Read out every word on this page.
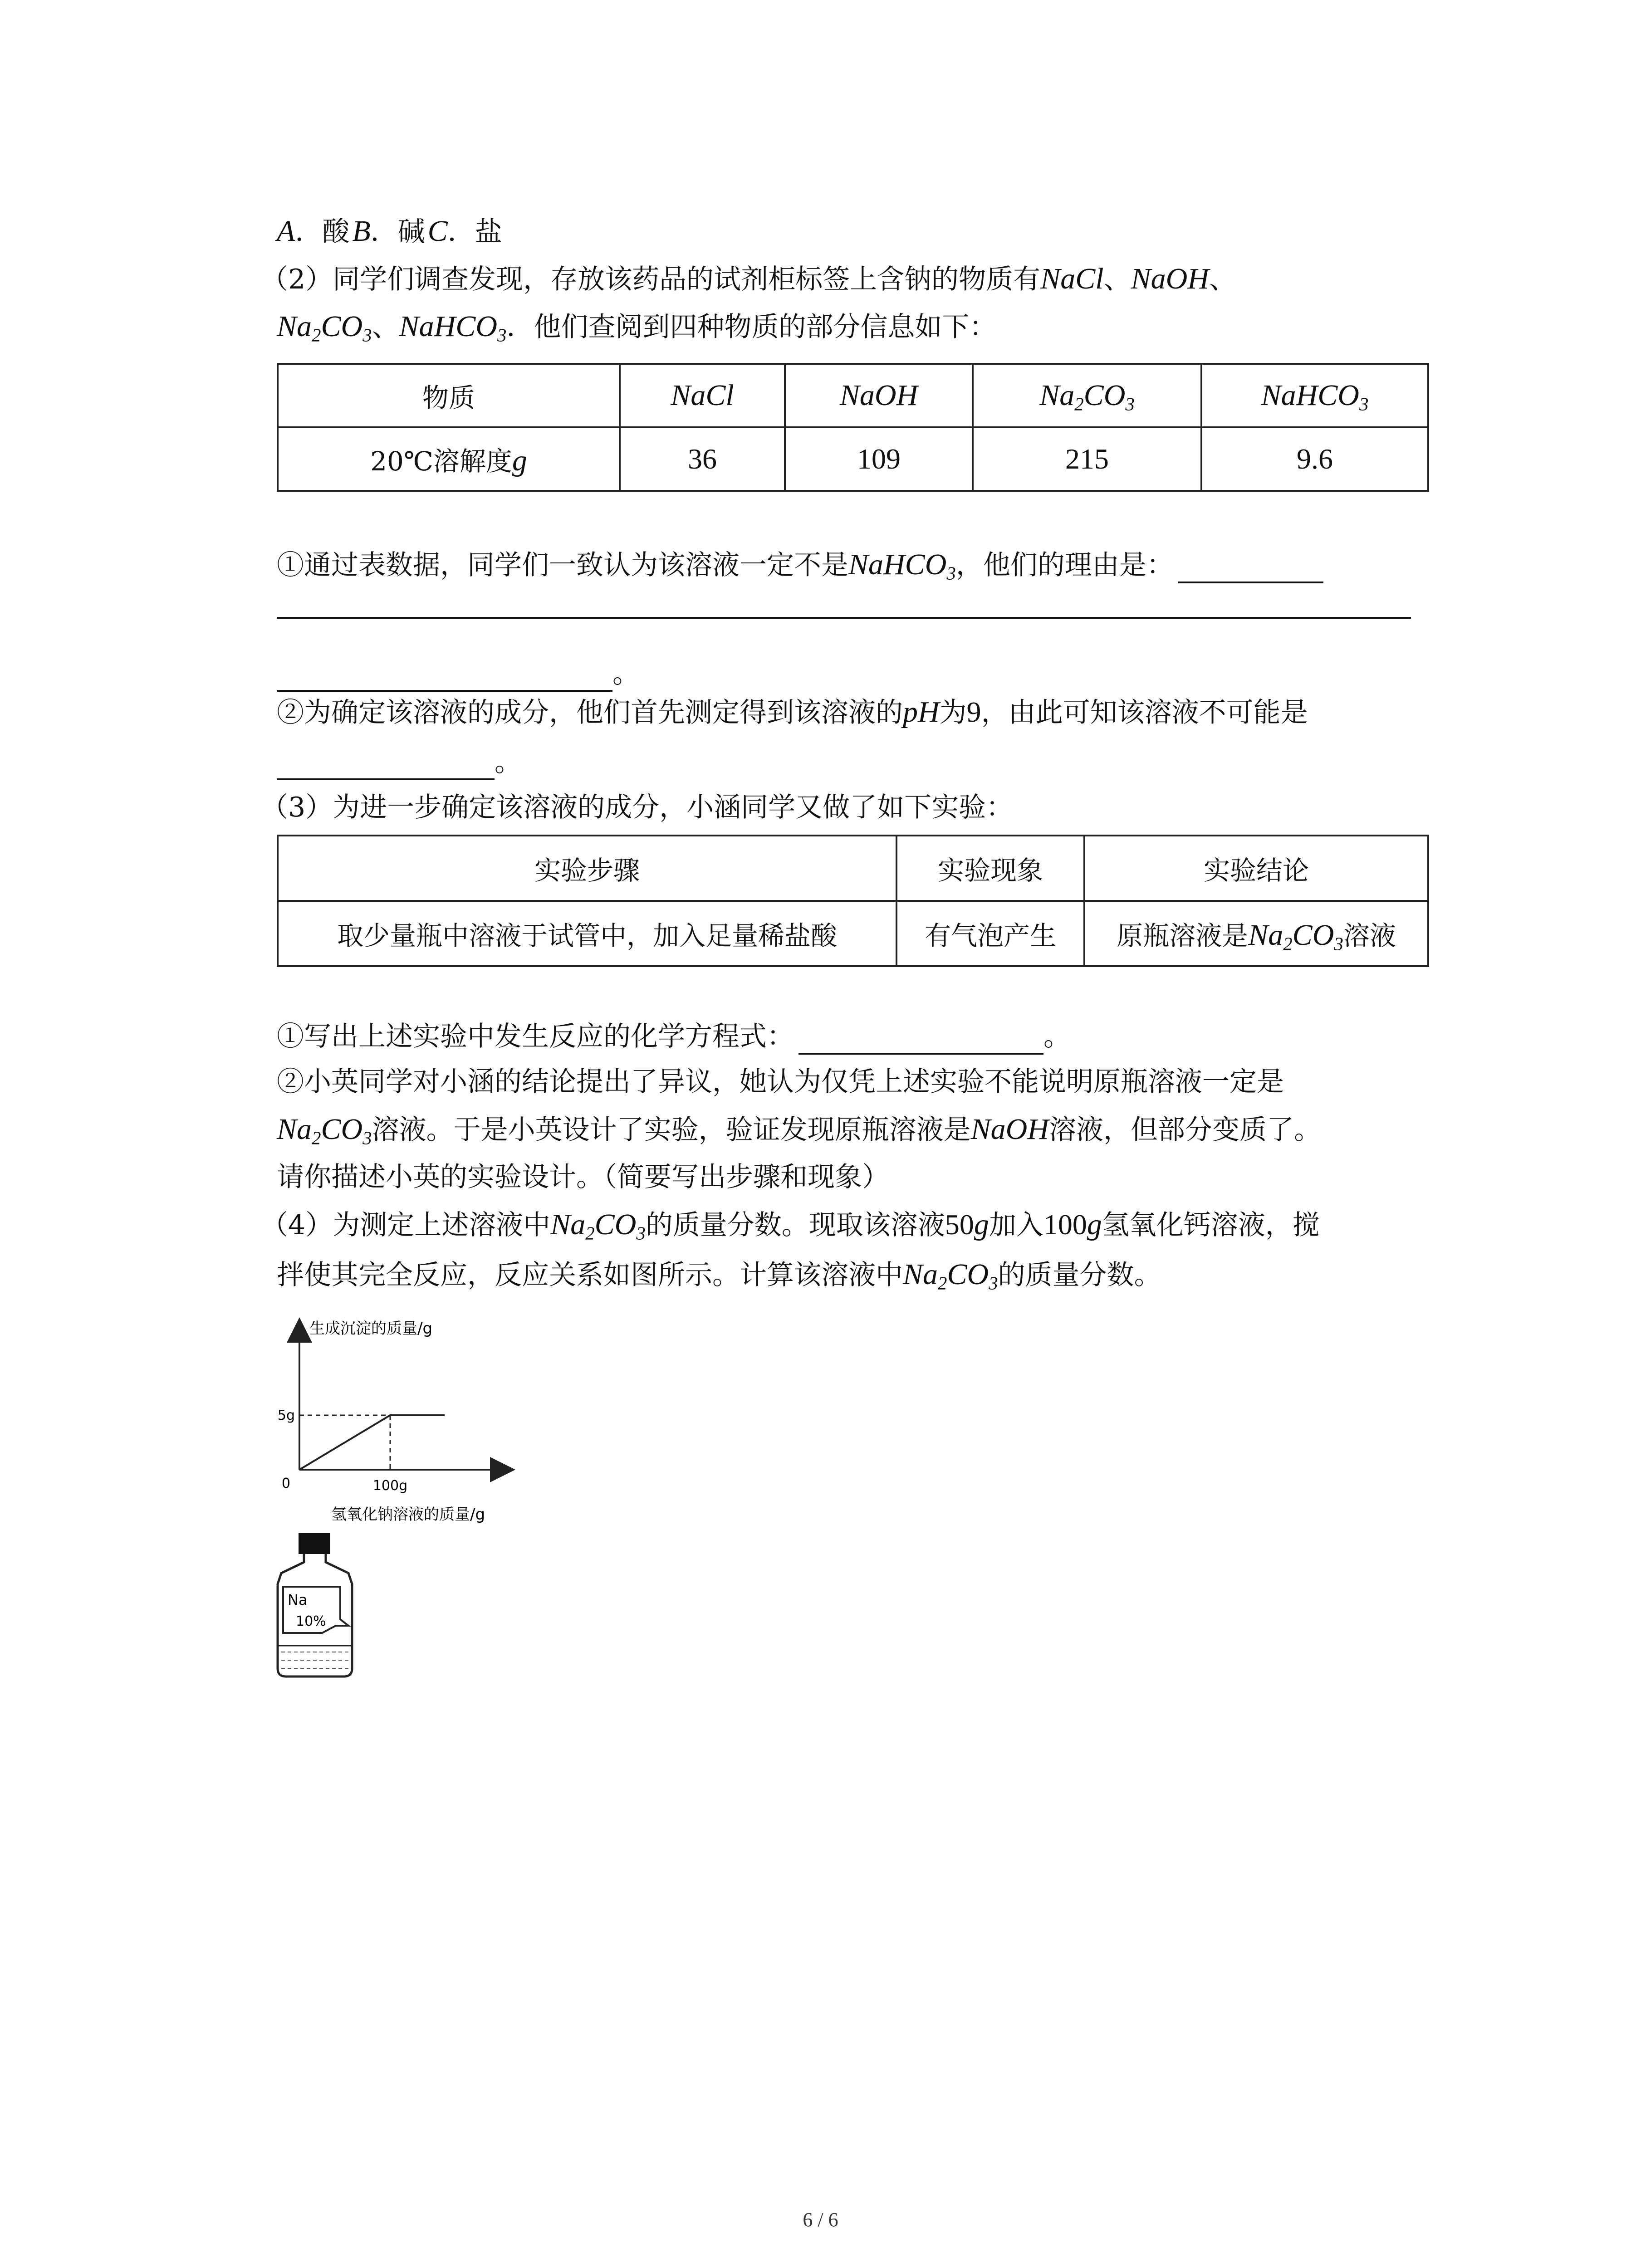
A．酸B．碱C．盐
（2）同学们调查发现，存放该药品的试剂柜标签上含钠的物质有NaCl、NaOH、
$Na_2CO_3$、NaHCO$_3$．他们查阅到四种物质的部分信息如下：
物质	NaCl	NaOH	$Na_2CO_3$	NaHCO$_3$
20℃溶解度g	36	109	215	9.6
①通过表数据，同学们一致认为该溶液一定不是NaHCO$_3$，他们的理由是：
。
②为确定该溶液的成分，他们首先测定得到该溶液的pH为9，由此可知该溶液不可能是
。
（3）为进一步确定该溶液的成分，小涵同学又做了如下实验：
实验步骤	实验现象	实验结论
取少量瓶中溶液于试管中，加入足量稀盐酸	有气泡产生	原瓶溶液是$Na_2CO_3$溶液
①写出上述实验中发生反应的化学方程式：	。
②小英同学对小涵的结论提出了异议，她认为仅凭上述实验不能说明原瓶溶液一定是
$Na_2CO_3$溶液。于是小英设计了实验，验证发现原瓶溶液是NaOH溶液，但部分变质了。
请你描述小英的实验设计。（简要写出步骤和现象）
（4）为测定上述溶液中$Na_2CO_3$的质量分数。现取该溶液50g加入100g氢氧化钙溶液，搅
拌使其完全反应，反应关系如图所示。计算该溶液中$Na_2CO_3$的质量分数。
生成沉淀的质量/g
0	100g
5g
氢氧化钠溶液的质量/g
Na
10%
6 / 6
